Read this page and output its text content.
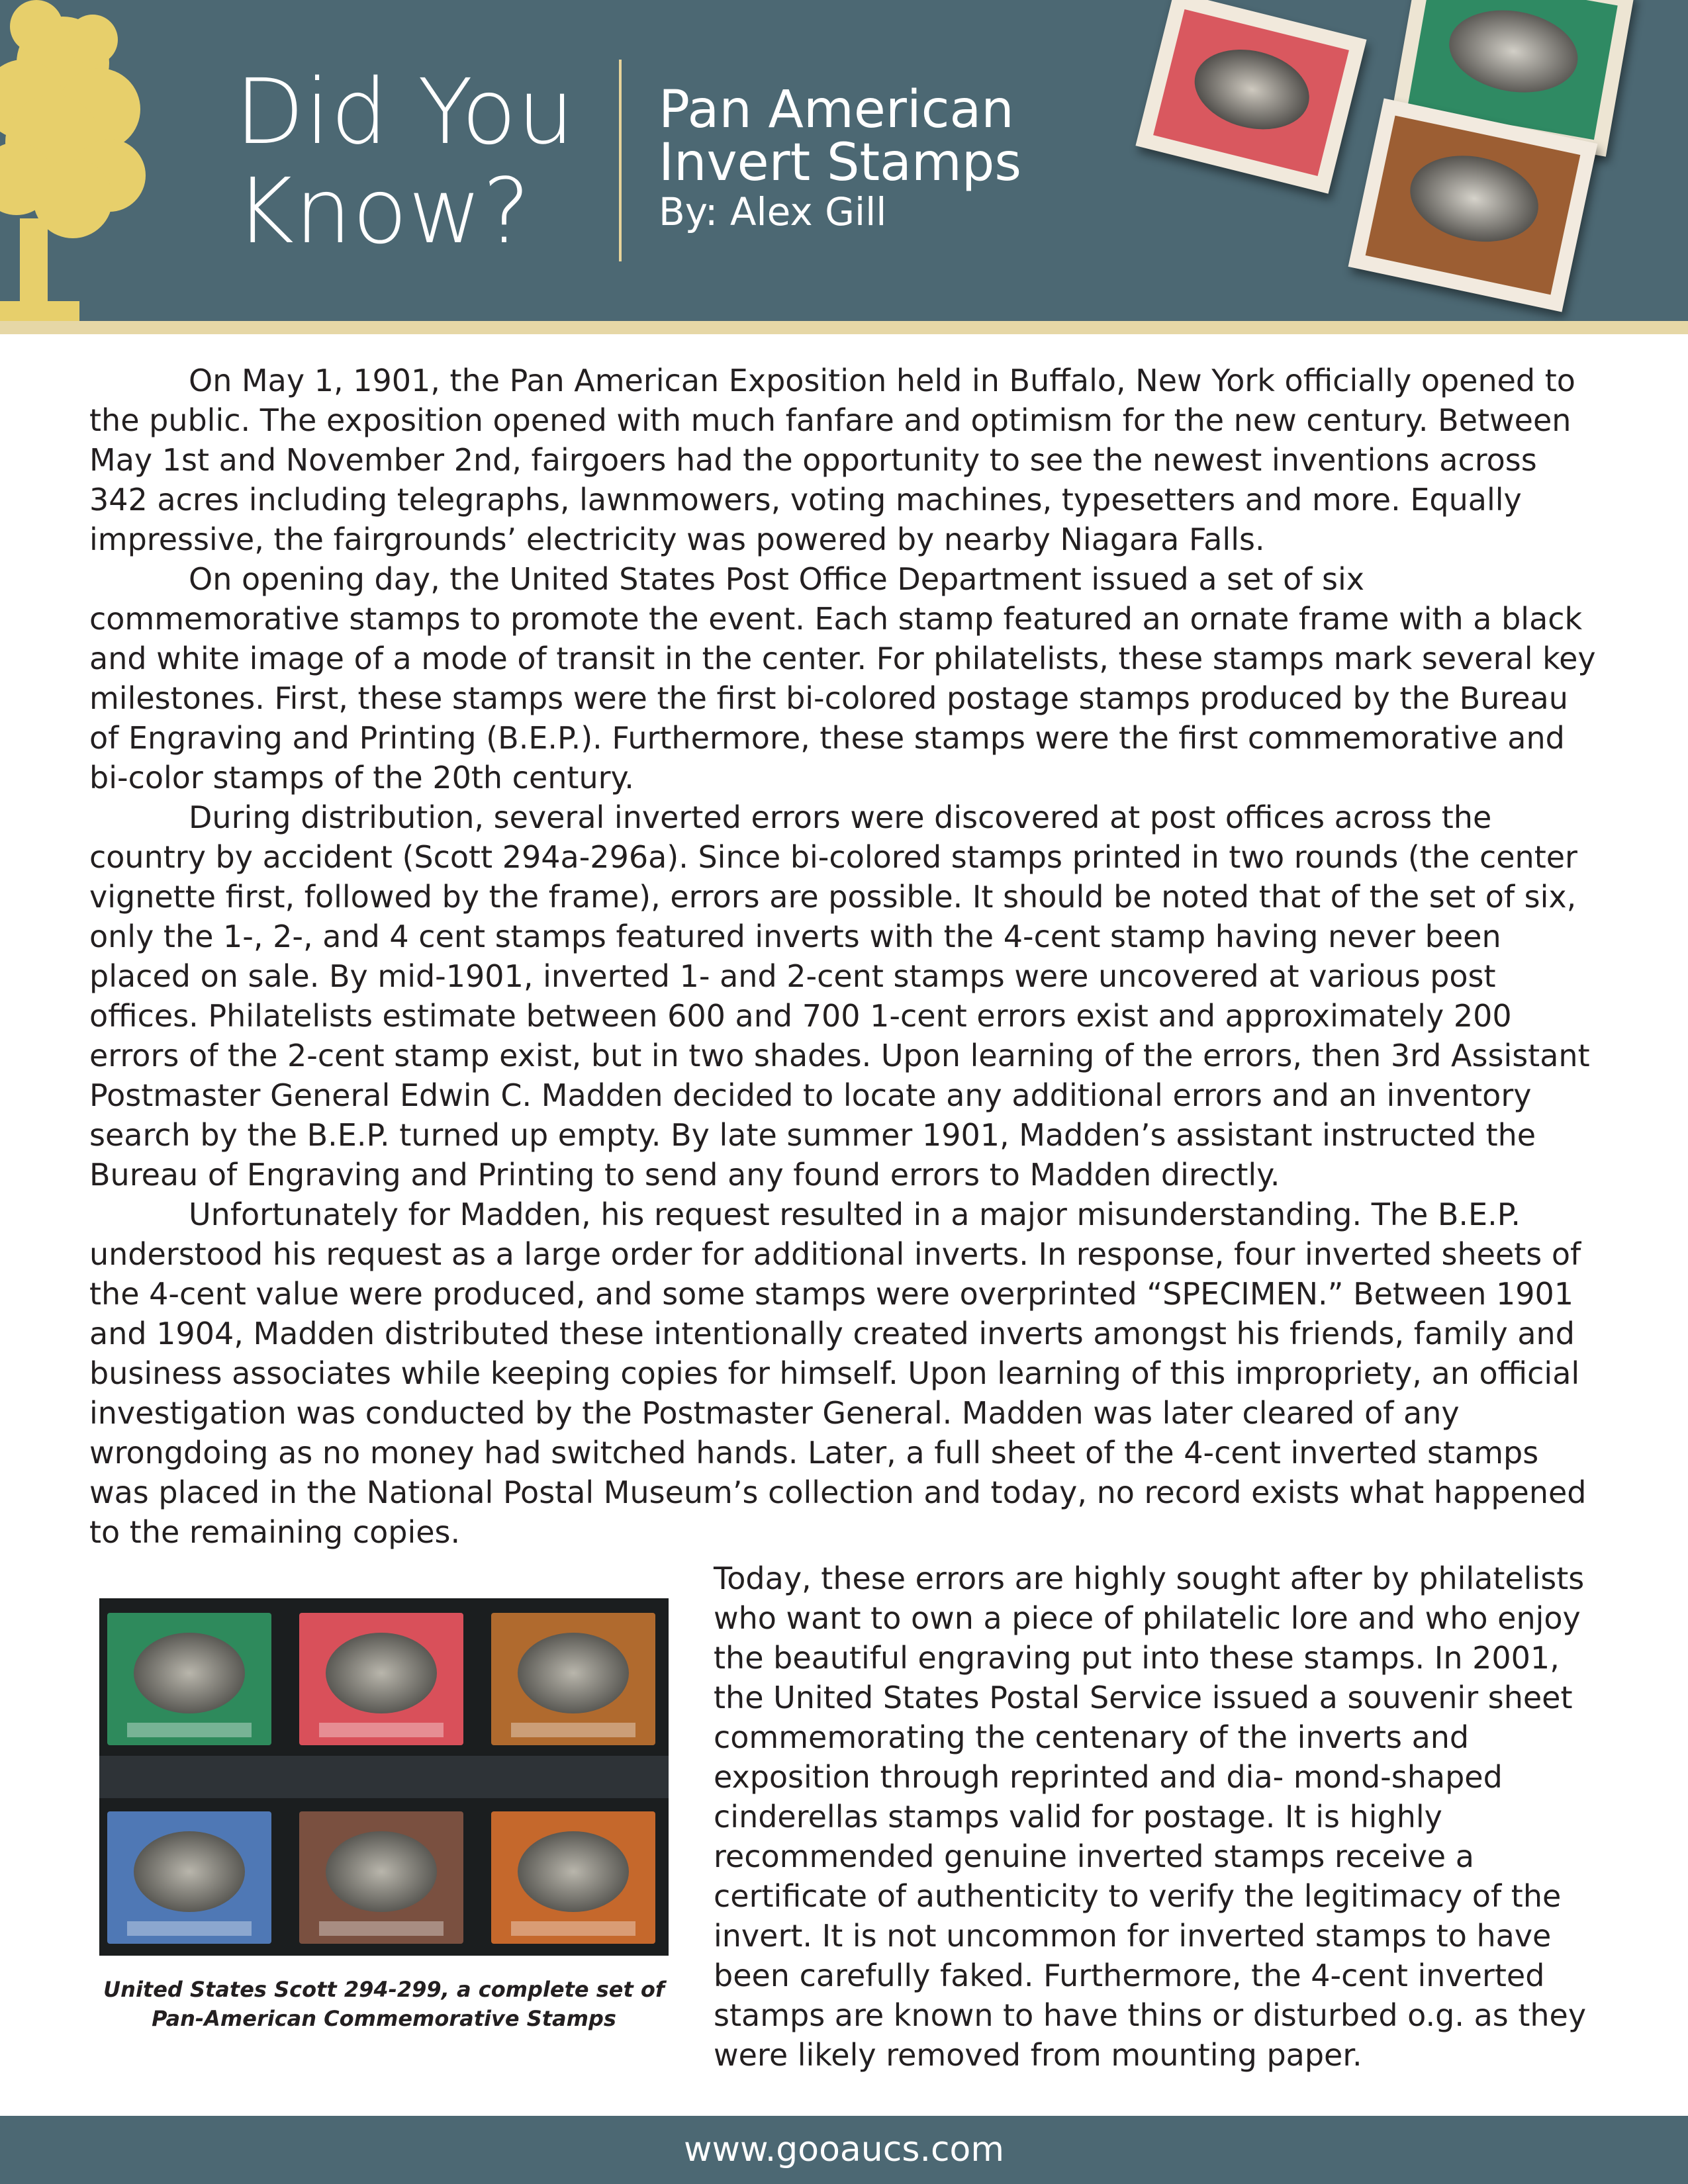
Did You
Know?
Pan American
Invert Stamps
By: Alex Gill

On May 1, 1901, the Pan American Exposition held in Buffalo, New York officially opened to the public. The exposition opened with much fanfare and optimism for the new century. Between May 1st and November 2nd, fairgoers had the opportunity to see the newest inventions across 342 acres including telegraphs, lawnmowers, voting machines, typesetters and more. Equally impressive, the fairgrounds’ electricity was powered by nearby Niagara Falls.

On opening day, the United States Post Office Department issued a set of six commemorative stamps to promote the event. Each stamp featured an ornate frame with a black and white image of a mode of transit in the center. For philatelists, these stamps mark several key milestones. First, these stamps were the first bi-colored postage stamps produced by the Bureau of Engraving and Printing (B.E.P.). Furthermore, these stamps were the first commemorative and bi-color stamps of the 20th century.

During distribution, several inverted errors were discovered at post offices across the country by accident (Scott 294a-296a). Since bi-colored stamps printed in two rounds (the center vignette first, followed by the frame), errors are possible. It should be noted that of the set of six, only the 1-, 2-, and 4 cent stamps featured inverts with the 4-cent stamp having never been placed on sale. By mid-1901, inverted 1- and 2-cent stamps were uncovered at various post offices. Philatelists estimate between 600 and 700 1-cent errors exist and approximately 200 errors of the 2-cent stamp exist, but in two shades. Upon learning of the errors, then 3rd Assistant Postmaster General Edwin C. Madden decided to locate any additional errors and an inventory search by the B.E.P. turned up empty. By late summer 1901, Madden’s assistant instructed the Bureau of Engraving and Printing to send any found errors to Madden directly.

Unfortunately for Madden, his request resulted in a major misunderstanding. The B.E.P. understood his request as a large order for additional inverts. In response, four inverted sheets of the 4-cent value were produced, and some stamps were overprinted “SPECIMEN.” Between 1901 and 1904, Madden distributed these intentionally created inverts amongst his friends, family and business associates while keeping copies for himself. Upon learning of this impropriety, an official investigation was conducted by the Postmaster General. Madden was later cleared of any wrongdoing as no money had switched hands. Later, a full sheet of the 4-cent inverted stamps was placed in the National Postal Museum’s collection and today, no record exists what happened to the remaining copies.

United States Scott 294-299, a complete set of
Pan-American Commemorative Stamps

Today, these errors are highly sought after by philatelists who want to own a piece of philatelic lore and who enjoy the beautiful engraving put into these stamps. In 2001, the United States Postal Service issued a souvenir sheet commemorating the centenary of the inverts and exposition through reprinted and dia- mond-shaped cinderellas stamps valid for postage. It is highly recommended genuine inverted stamps receive a certificate of authenticity to verify the legitimacy of the invert. It is not uncommon for inverted stamps to have been carefully faked. Furthermore, the 4-cent inverted stamps are known to have thins or disturbed o.g. as they were likely removed from mounting paper.

www.gooaucs.com
